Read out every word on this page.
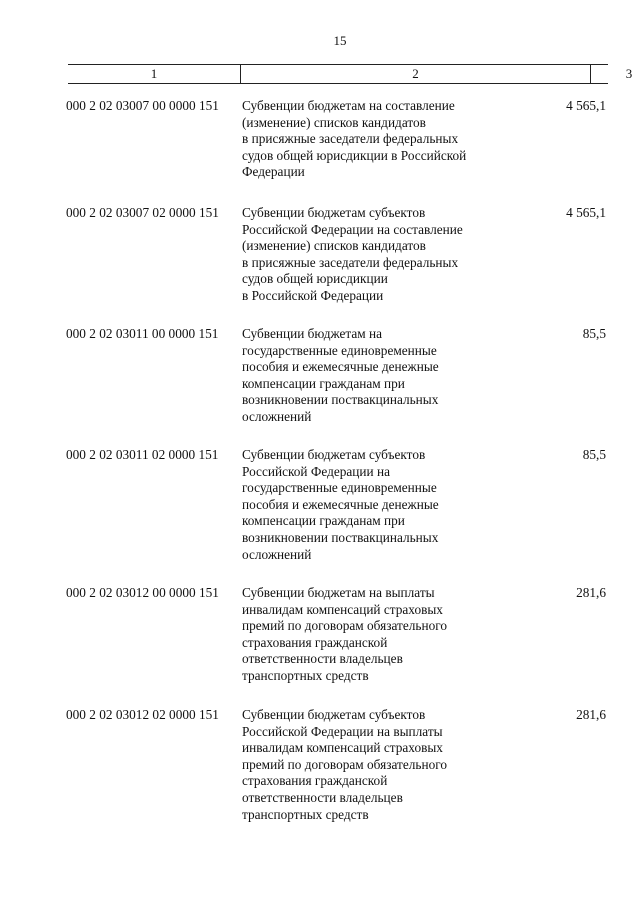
15
1	2	3
000 2 02 03007 00 0000 151 Субвенции бюджетам на составление
(изменение) списков кандидатов
в присяжные заседатели федеральных
судов общей юрисдикции в Российской
Федерации
4 565,1
000 2 02 03007 02 0000 151 Субвенции бюджетам субъектов
Российской Федерации на составление
(изменение) списков кандидатов
в присяжные заседатели федеральных
судов общей юрисдикции
в Российской Федерации
4 565,1
000 2 02 03011 00 0000 151 Субвенции бюджетам на
государственные единовременные
пособия и ежемесячные денежные
компенсации гражданам при
возникновении поствакцинальных
осложнений
85,5
000 2 02 03011 02 0000 151 Субвенции бюджетам субъектов
Российской Федерации на
государственные единовременные
пособия и ежемесячные денежные
компенсации гражданам при
возникновении поствакцинальных
осложнений
85,5
000 2 02 03012 00 0000 151 Субвенции бюджетам на выплаты
инвалидам компенсаций страховых
премий по договорам обязательного
страхования гражданской
ответственности владельцев
транспортных средств
281,6
000 2 02 03012 02 0000 151 Субвенции бюджетам субъектов
Российской Федерации на выплаты
инвалидам компенсаций страховых
премий по договорам обязательного
страхования гражданской
ответственности владельцев
транспортных средств
281,6
